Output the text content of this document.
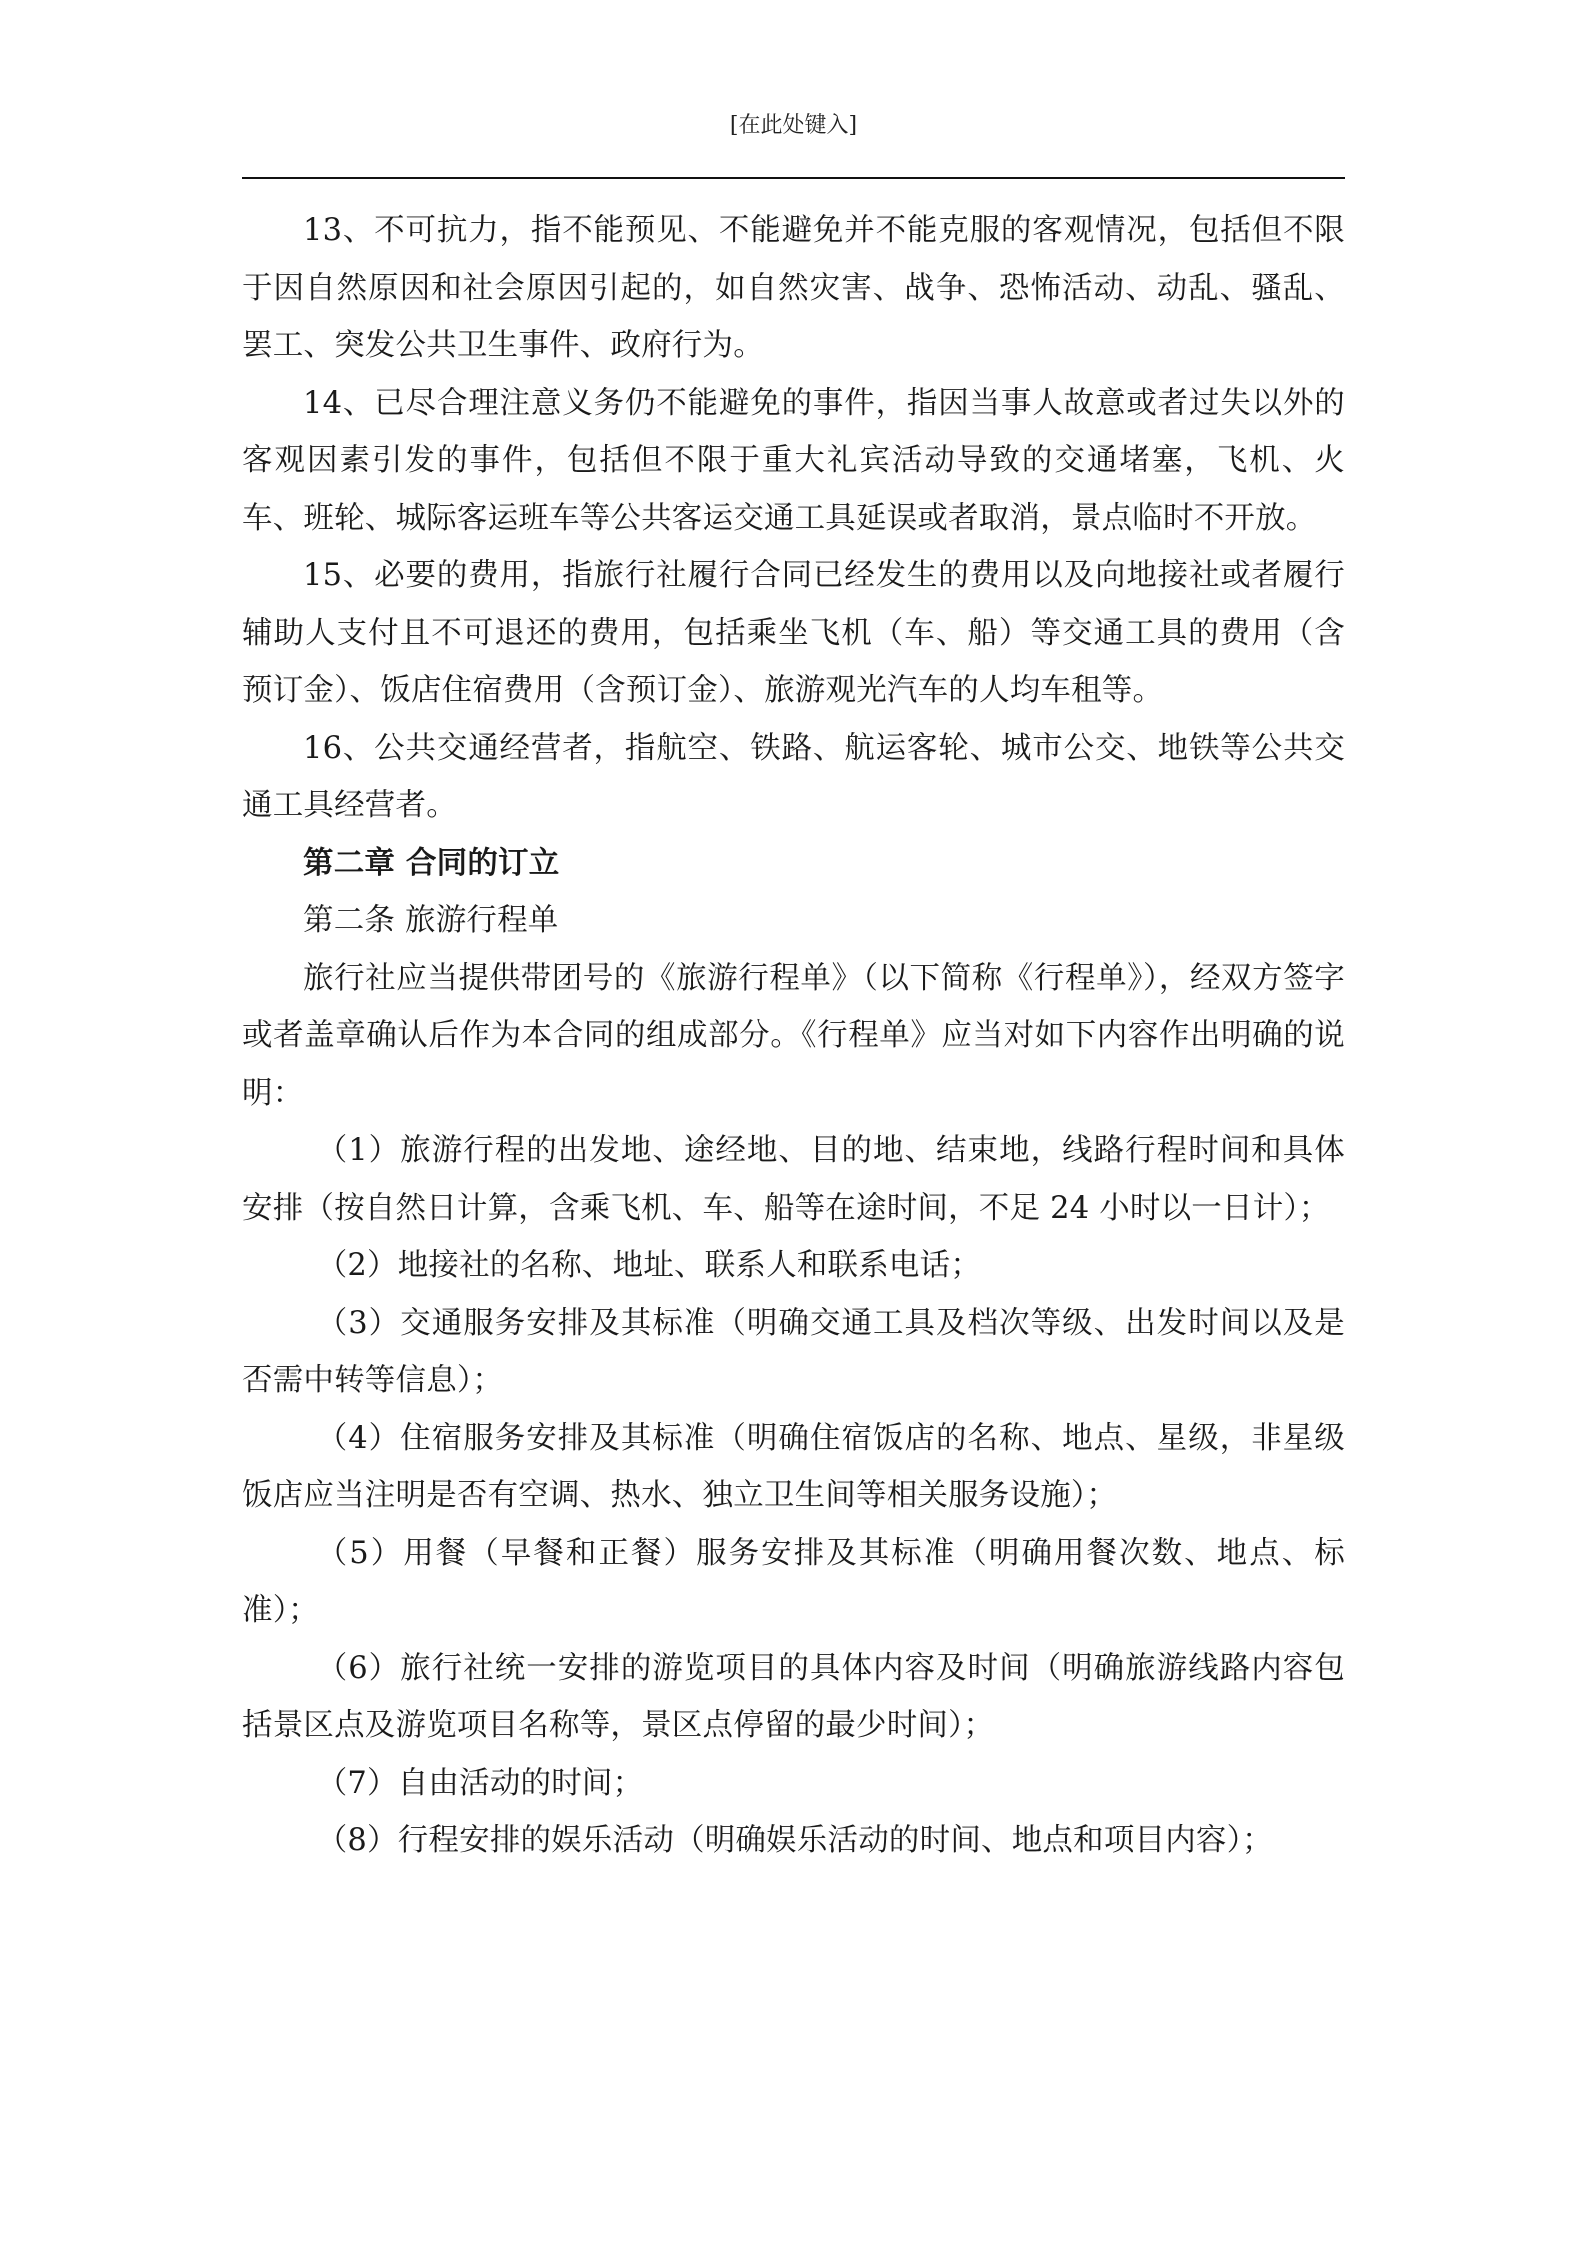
[在此处键入]

13、不可抗力，指不能预见、不能避免并不能克服的客观情况，包括但不限于因自然原因和社会原因引起的，如自然灾害、战争、恐怖活动、动乱、骚乱、罢工、突发公共卫生事件、政府行为。

14、已尽合理注意义务仍不能避免的事件，指因当事人故意或者过失以外的客观因素引发的事件，包括但不限于重大礼宾活动导致的交通堵塞，飞机、火车、班轮、城际客运班车等公共客运交通工具延误或者取消，景点临时不开放。

15、必要的费用，指旅行社履行合同已经发生的费用以及向地接社或者履行辅助人支付且不可退还的费用，包括乘坐飞机（车、船）等交通工具的费用（含预订金）、饭店住宿费用（含预订金）、旅游观光汽车的人均车租等。

16、公共交通经营者，指航空、铁路、航运客轮、城市公交、地铁等公共交通工具经营者。

第二章 合同的订立

第二条 旅游行程单

旅行社应当提供带团号的《旅游行程单》（以下简称《行程单》），经双方签字或者盖章确认后作为本合同的组成部分。《行程单》应当对如下内容作出明确的说明：

（1）旅游行程的出发地、途经地、目的地、结束地，线路行程时间和具体安排（按自然日计算，含乘飞机、车、船等在途时间，不足 24 小时以一日计）；

（2）地接社的名称、地址、联系人和联系电话；

（3）交通服务安排及其标准（明确交通工具及档次等级、出发时间以及是否需中转等信息）；

（4）住宿服务安排及其标准（明确住宿饭店的名称、地点、星级，非星级饭店应当注明是否有空调、热水、独立卫生间等相关服务设施）；

（5）用餐（早餐和正餐）服务安排及其标准（明确用餐次数、地点、标准）；

（6）旅行社统一安排的游览项目的具体内容及时间（明确旅游线路内容包括景区点及游览项目名称等，景区点停留的最少时间）；

（7）自由活动的时间；

（8）行程安排的娱乐活动（明确娱乐活动的时间、地点和项目内容）；
